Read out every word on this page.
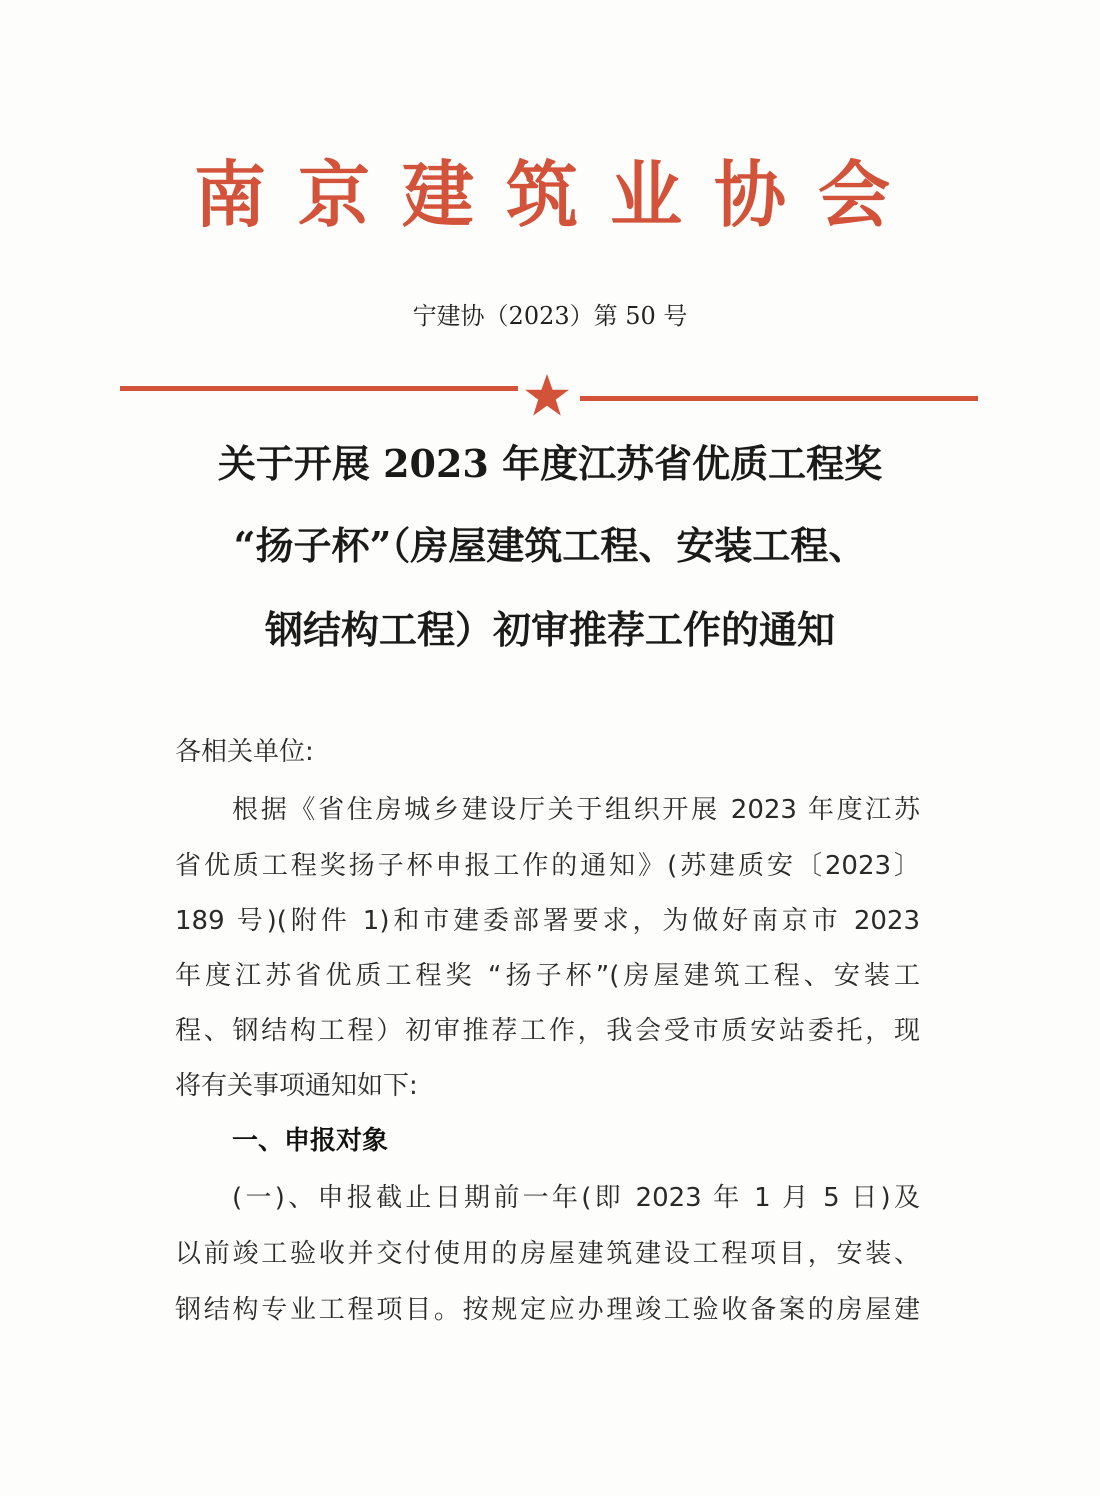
南京建筑业协会
宁建协（2023）第 50 号
关于开展 2023 年度江苏省优质工程奖
“扬子杯”（房屋建筑工程、安装工程、
钢结构工程）初审推荐工作的通知
各相关单位:
根据《省住房城乡建设厅关于组织开展 2023 年度江苏
省优质工程奖扬子杯申报工作的通知》(苏建质安〔2023〕
189 号)(附件 1)和市建委部署要求，为做好南京市 2023
年度江苏省优质工程奖 “扬子杯”(房屋建筑工程、安装工
程、钢结构工程）初审推荐工作，我会受市质安站委托，现
将有关事项通知如下:
一、申报对象
(一)、申报截止日期前一年(即 2023 年 1 月 5 日)及
以前竣工验收并交付使用的房屋建筑建设工程项目，安装、
钢结构专业工程项目。按规定应办理竣工验收备案的房屋建
